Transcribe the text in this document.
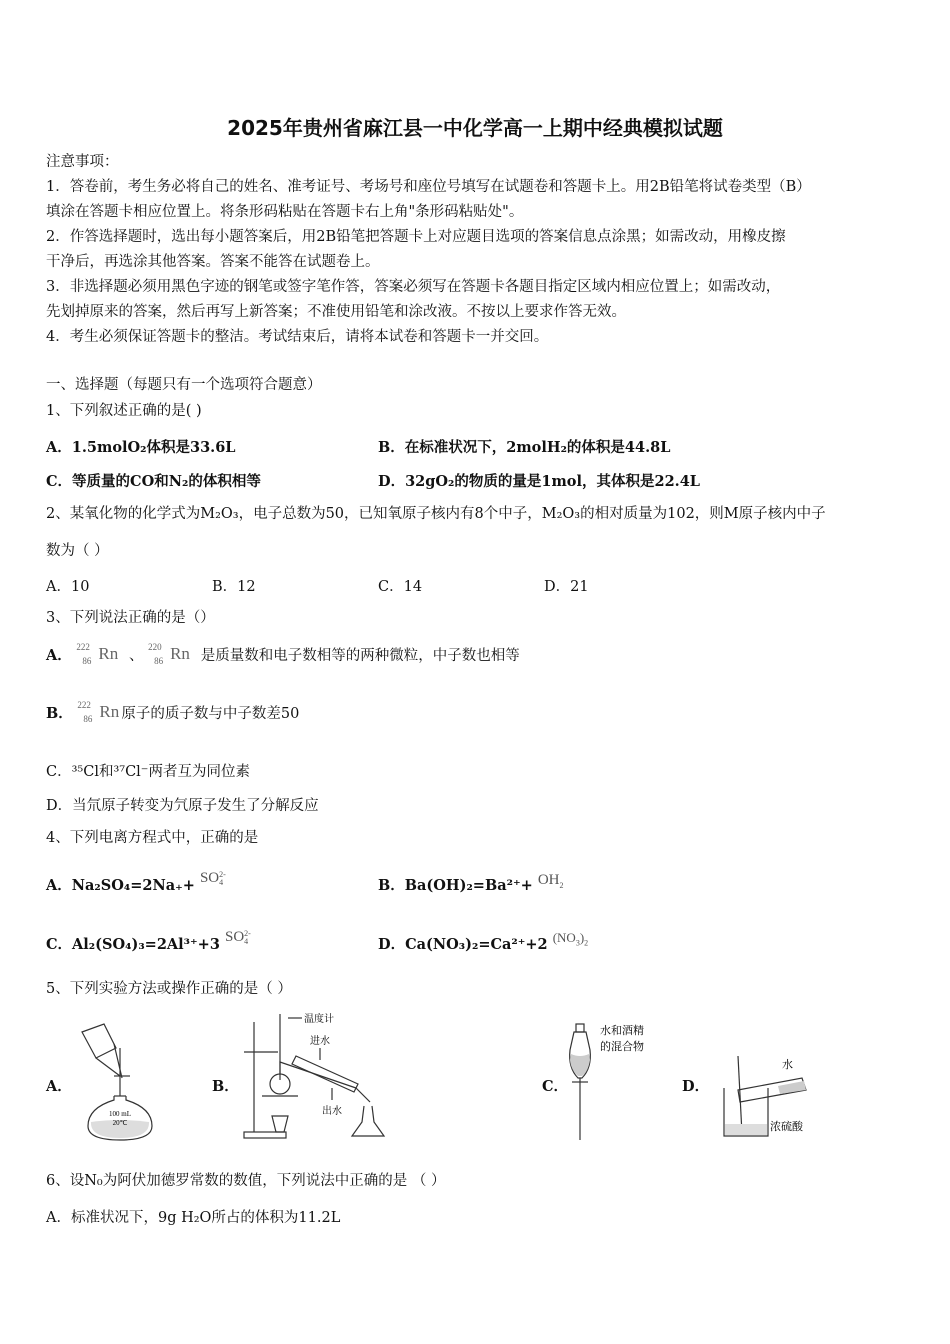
2025年贵州省麻江县一中化学高一上期中经典模拟试题
注意事项：
1．答卷前，考生务必将自己的姓名、准考证号、考场号和座位号填写在试题卷和答题卡上。用2B铅笔将试卷类型（B）
填涂在答题卡相应位置上。将条形码粘贴在答题卡右上角"条形码粘贴处"。
2．作答选择题时，选出每小题答案后，用2B铅笔把答题卡上对应题目选项的答案信息点涂黑；如需改动，用橡皮擦
干净后，再选涂其他答案。答案不能答在试题卷上。
3．非选择题必须用黑色字迹的钢笔或签字笔作答，答案必须写在答题卡各题目指定区域内相应位置上；如需改动，
先划掉原来的答案，然后再写上新答案；不准使用铅笔和涂改液。不按以上要求作答无效。
4．考生必须保证答题卡的整洁。考试结束后，请将本试卷和答题卡一并交回。
一、选择题（每题只有一个选项符合题意）
1、下列叙述正确的是( )
A．1.5molO₂体积是33.6L	B．在标准状况下，2molH₂的体积是44.8L
C．等质量的CO和N₂的体积相等	D．32gO₂的物质的量是1mol，其体积是22.4L
2、某氧化物的化学式为M₂O₃，电子总数为50，已知氧原子核内有8个中子，M₂O₃的相对质量为102，则M原子核内中子
数为（ ）
A．10	B．12	C．14	D．21
3、下列说法正确的是（）
A． 222
86 Rn 、
220
86 Rn 是质量数和电子数相等的两种微粒，中子数也相等
B． 222
86 Rn 原子的质子数与中子数差50
C．³⁵Cl和³⁷Cl⁻两者互为同位素
D．当氘原子转变为氕原子发生了分解反应
4、下列电离方程式中，正确的是
A．Na₂SO₄=2Na₊+ SO2-
4	B．$Ba(OH)_2=Ba^{2+}+ OH_2$
C．Al₂(SO₄)₃=2Al³⁺+3 SO2-
4	D．Ca(NO₃)₂=Ca²⁺+2 $(NO_3)_2$
5、下列实验方法或操作正确的是（ ）
A．
100 mL
20℃
B．
温度计
进水
出水
C．
水和酒精
的混合物
D．
水
浓硫酸
6、设N₀为阿伏加德罗常数的数值，下列说法中正确的是 （ ）
A．标准状况下，9g H₂O所占的体积为11.2L
